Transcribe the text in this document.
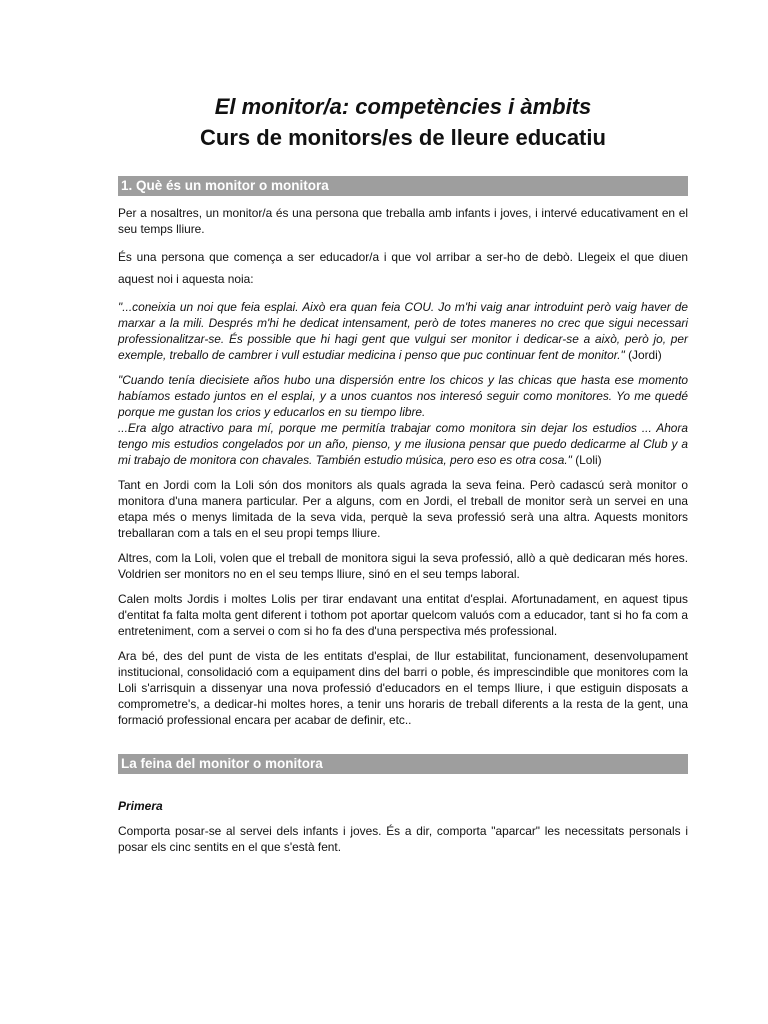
El monitor/a: competències i àmbits
Curs de monitors/es de lleure educatiu
1. Què és un monitor o monitora

Per a nosaltres, un monitor/a és una persona que treballa amb infants i joves, i intervé educativament en el seu temps lliure.

És una persona que comença a ser educador/a i que vol arribar a ser-ho de debò. Llegeix el que diuen aquest noi i aquesta noia:

"...coneixia un noi que feia esplai. Això era quan feia COU. Jo m'hi vaig anar introduint però vaig haver de marxar a la mili. Després m'hi he dedicat intensament, però de totes maneres no crec que sigui necessari professionalitzar-se. És possible que hi hagi gent que vulgui ser monitor i dedicar-se a això, però jo, per exemple, treballo de cambrer i vull estudiar medicina i penso que puc continuar fent de monitor." (Jordi)

"Cuando tenía diecisiete años hubo una dispersión entre los chicos y las chicas que hasta ese momento habíamos estado juntos en el esplai, y a unos cuantos nos interesó seguir como monitores. Yo me quedé porque me gustan los crios y educarlos en su tiempo libre.

...Era algo atractivo para mí, porque me permitía trabajar como monitora sin dejar los estudios ... Ahora tengo mis estudios congelados por un año, pienso, y me ilusiona pensar que puedo dedicarme al Club y a mi trabajo de monitora con chavales. También estudio música, pero eso es otra cosa." (Loli)

Tant en Jordi com la Loli són dos monitors als quals agrada la seva feina. Però cadascú serà monitor o monitora d'una manera particular. Per a alguns, com en Jordi, el treball de monitor serà un servei en una etapa més o menys limitada de la seva vida, perquè la seva professió serà una altra. Aquests monitors treballaran com a tals en el seu propi temps lliure.

Altres, com la Loli, volen que el treball de monitora sigui la seva professió, allò a què dedicaran més hores. Voldrien ser monitors no en el seu temps lliure, sinó en el seu temps laboral.

Calen molts Jordis i moltes Lolis per tirar endavant una entitat d'esplai. Afortunadament, en aquest tipus d'entitat fa falta molta gent diferent i tothom pot aportar quelcom valuós com a educador, tant si ho fa com a entreteniment, com a servei o com si ho fa des d'una perspectiva més professional.

Ara bé, des del punt de vista de les entitats d'esplai, de llur estabilitat, funcionament, desenvolupament institucional, consolidació com a equipament dins del barri o poble, és imprescindible que monitores com la Loli s'arrisquin a dissenyar una nova professió d'educadors en el temps lliure, i que estiguin disposats a comprometre's, a dedicar-hi moltes hores, a tenir uns horaris de treball diferents a la resta de la gent, una formació professional encara per acabar de definir, etc..

La feina del monitor o monitora

Primera

Comporta posar-se al servei dels infants i joves. És a dir, comporta "aparcar" les necessitats personals i posar els cinc sentits en el que s'està fent.
